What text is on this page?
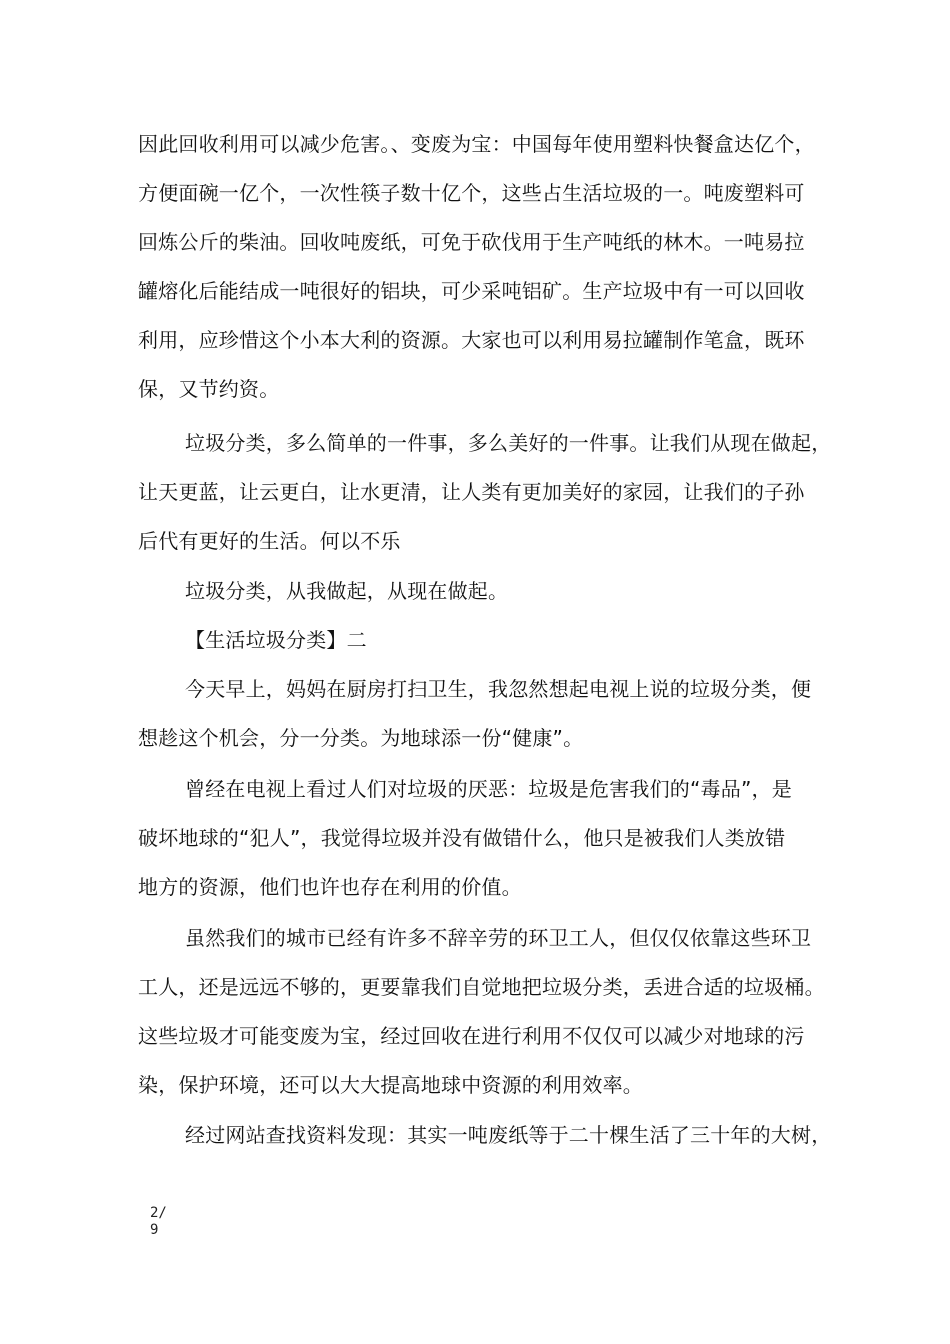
因此回收利用可以减少危害。、变废为宝：中国每年使用塑料快餐盒达亿个，
方便面碗一亿个，一次性筷子数十亿个，这些占生活垃圾的一。吨废塑料可
回炼公斤的柴油。回收吨废纸，可免于砍伐用于生产吨纸的林木。一吨易拉
罐熔化后能结成一吨很好的铝块，可少采吨铝矿。生产垃圾中有一可以回收
利用，应珍惜这个小本大利的资源。大家也可以利用易拉罐制作笔盒，既环
保，又节约资。
垃圾分类，多么简单的一件事，多么美好的一件事。让我们从现在做起，
让天更蓝，让云更白，让水更清，让人类有更加美好的家园，让我们的子孙
后代有更好的生活。何以不乐
垃圾分类，从我做起，从现在做起。
【生活垃圾分类】二
今天早上，妈妈在厨房打扫卫生，我忽然想起电视上说的垃圾分类，便
想趁这个机会，分一分类。为地球添一份“健康”。
曾经在电视上看过人们对垃圾的厌恶：垃圾是危害我们的“毒品”，是
破坏地球的“犯人”，我觉得垃圾并没有做错什么，他只是被我们人类放错
地方的资源，他们也许也存在利用的价值。
虽然我们的城市已经有许多不辞辛劳的环卫工人，但仅仅依靠这些环卫
工人，还是远远不够的，更要靠我们自觉地把垃圾分类，丢进合适的垃圾桶。
这些垃圾才可能变废为宝，经过回收在进行利用不仅仅可以减少对地球的污
染，保护环境，还可以大大提高地球中资源的利用效率。
经过网站查找资料发现：其实一吨废纸等于二十棵生活了三十年的大树，
2/
9
